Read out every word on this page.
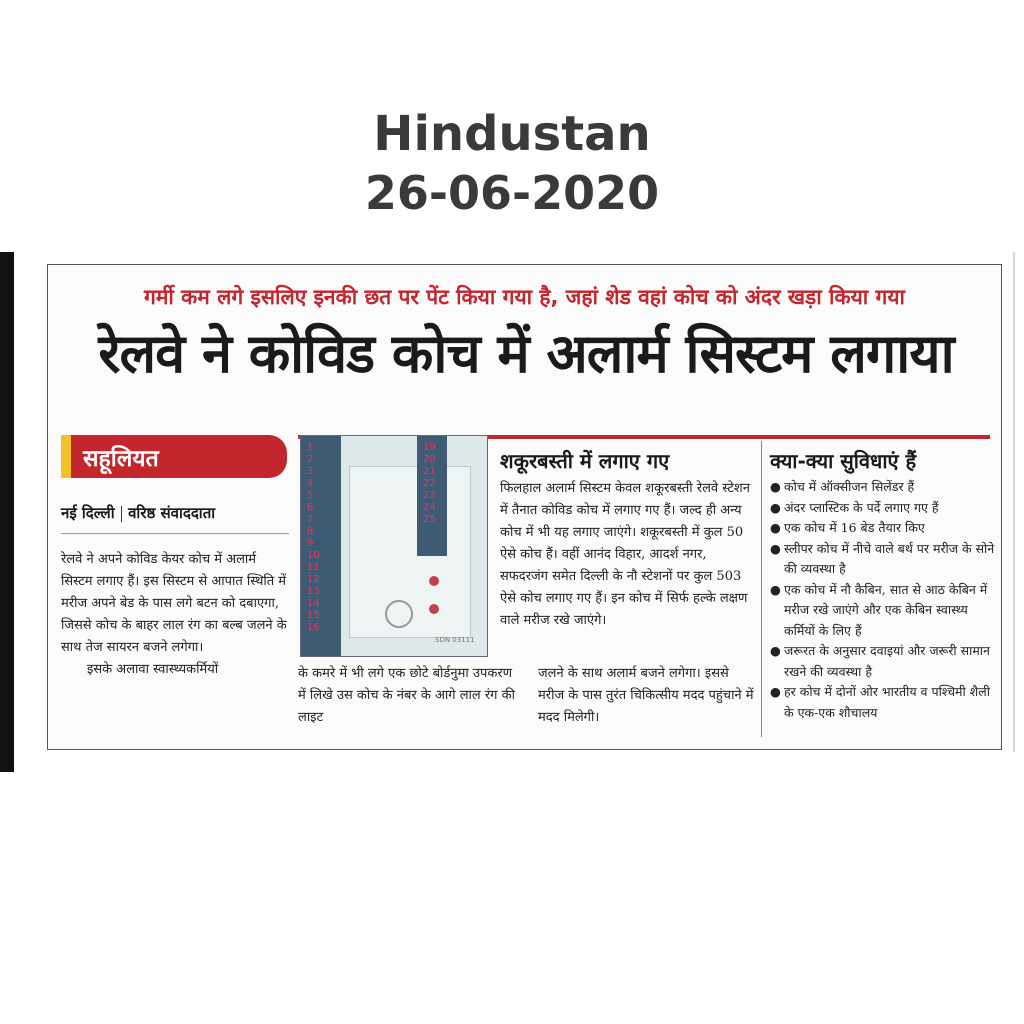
Hindustan
26-06-2020
गर्मी कम लगे इसलिए इनकी छत पर पेंट किया गया है, जहां शेड वहां कोच को अंदर खड़ा किया गया
रेलवे ने कोविड कोच में अलार्म सिस्टम लगाया
सहूलियत
नई दिल्ली वरिष्ठ संवाददाता

रेलवे ने अपने कोविड केयर कोच में अलार्म सिस्टम लगाए हैं। इस सिस्टम से आपात स्थिति में मरीज अपने बेड के पास लगे बटन को दबाएगा, जिससे कोच के बाहर लाल रंग का बल्ब जलने के साथ तेज सायरन बजने लगेगा।

इसके अलावा स्वास्थ्यकर्मियों

1
2
3
4
5
6
7
8
9
10
11
12
13
14
15
16
19
20
21
22
23
24
25
SDN 03111
शकूरबस्ती में लगाए गए
फिलहाल अलार्म सिस्टम केवल शकूरबस्ती रेलवे स्टेशन में तैनात कोविड कोच में लगाए गए हैं। जल्द ही अन्य कोच में भी यह लगाए जाएंगे। शकूरबस्ती में कुल 50 ऐसे कोच हैं। वहीं आनंद विहार, आदर्श नगर, सफदरजंग समेत दिल्ली के नौ स्टेशनों पर कुल 503 ऐसे कोच लगाए गए हैं। इन कोच में सिर्फ हल्के लक्षण वाले मरीज रखे जाएंगे।
क्या-क्या सुविधाएं हैं
● कोच में ऑक्सीजन सिलेंडर हैं
● अंदर प्लास्टिक के पर्दे लगाए गए हैं
● एक कोच में 16 बेड तैयार किए
● स्लीपर कोच में नीचे वाले बर्थ पर मरीज के सोने की व्यवस्था है
● एक कोच में नौ कैबिन, सात से आठ केबिन में मरीज रखे जाएंगे और एक केबिन स्वास्थ्य कर्मियों के लिए हैं
● जरूरत के अनुसार दवाइयां और जरूरी सामान रखने की व्यवस्था है
● हर कोच में दोनों ओर भारतीय व पश्चिमी शैली के एक-एक शौचालय
के कमरे में भी लगे एक छोटे बोर्डनुमा उपकरण में लिखे उस कोच के नंबर के आगे लाल रंग की लाइट
जलने के साथ अलार्म बजने लगेगा। इससे मरीज के पास तुरंत चिकित्सीय मदद पहुंचाने में मदद मिलेगी।
